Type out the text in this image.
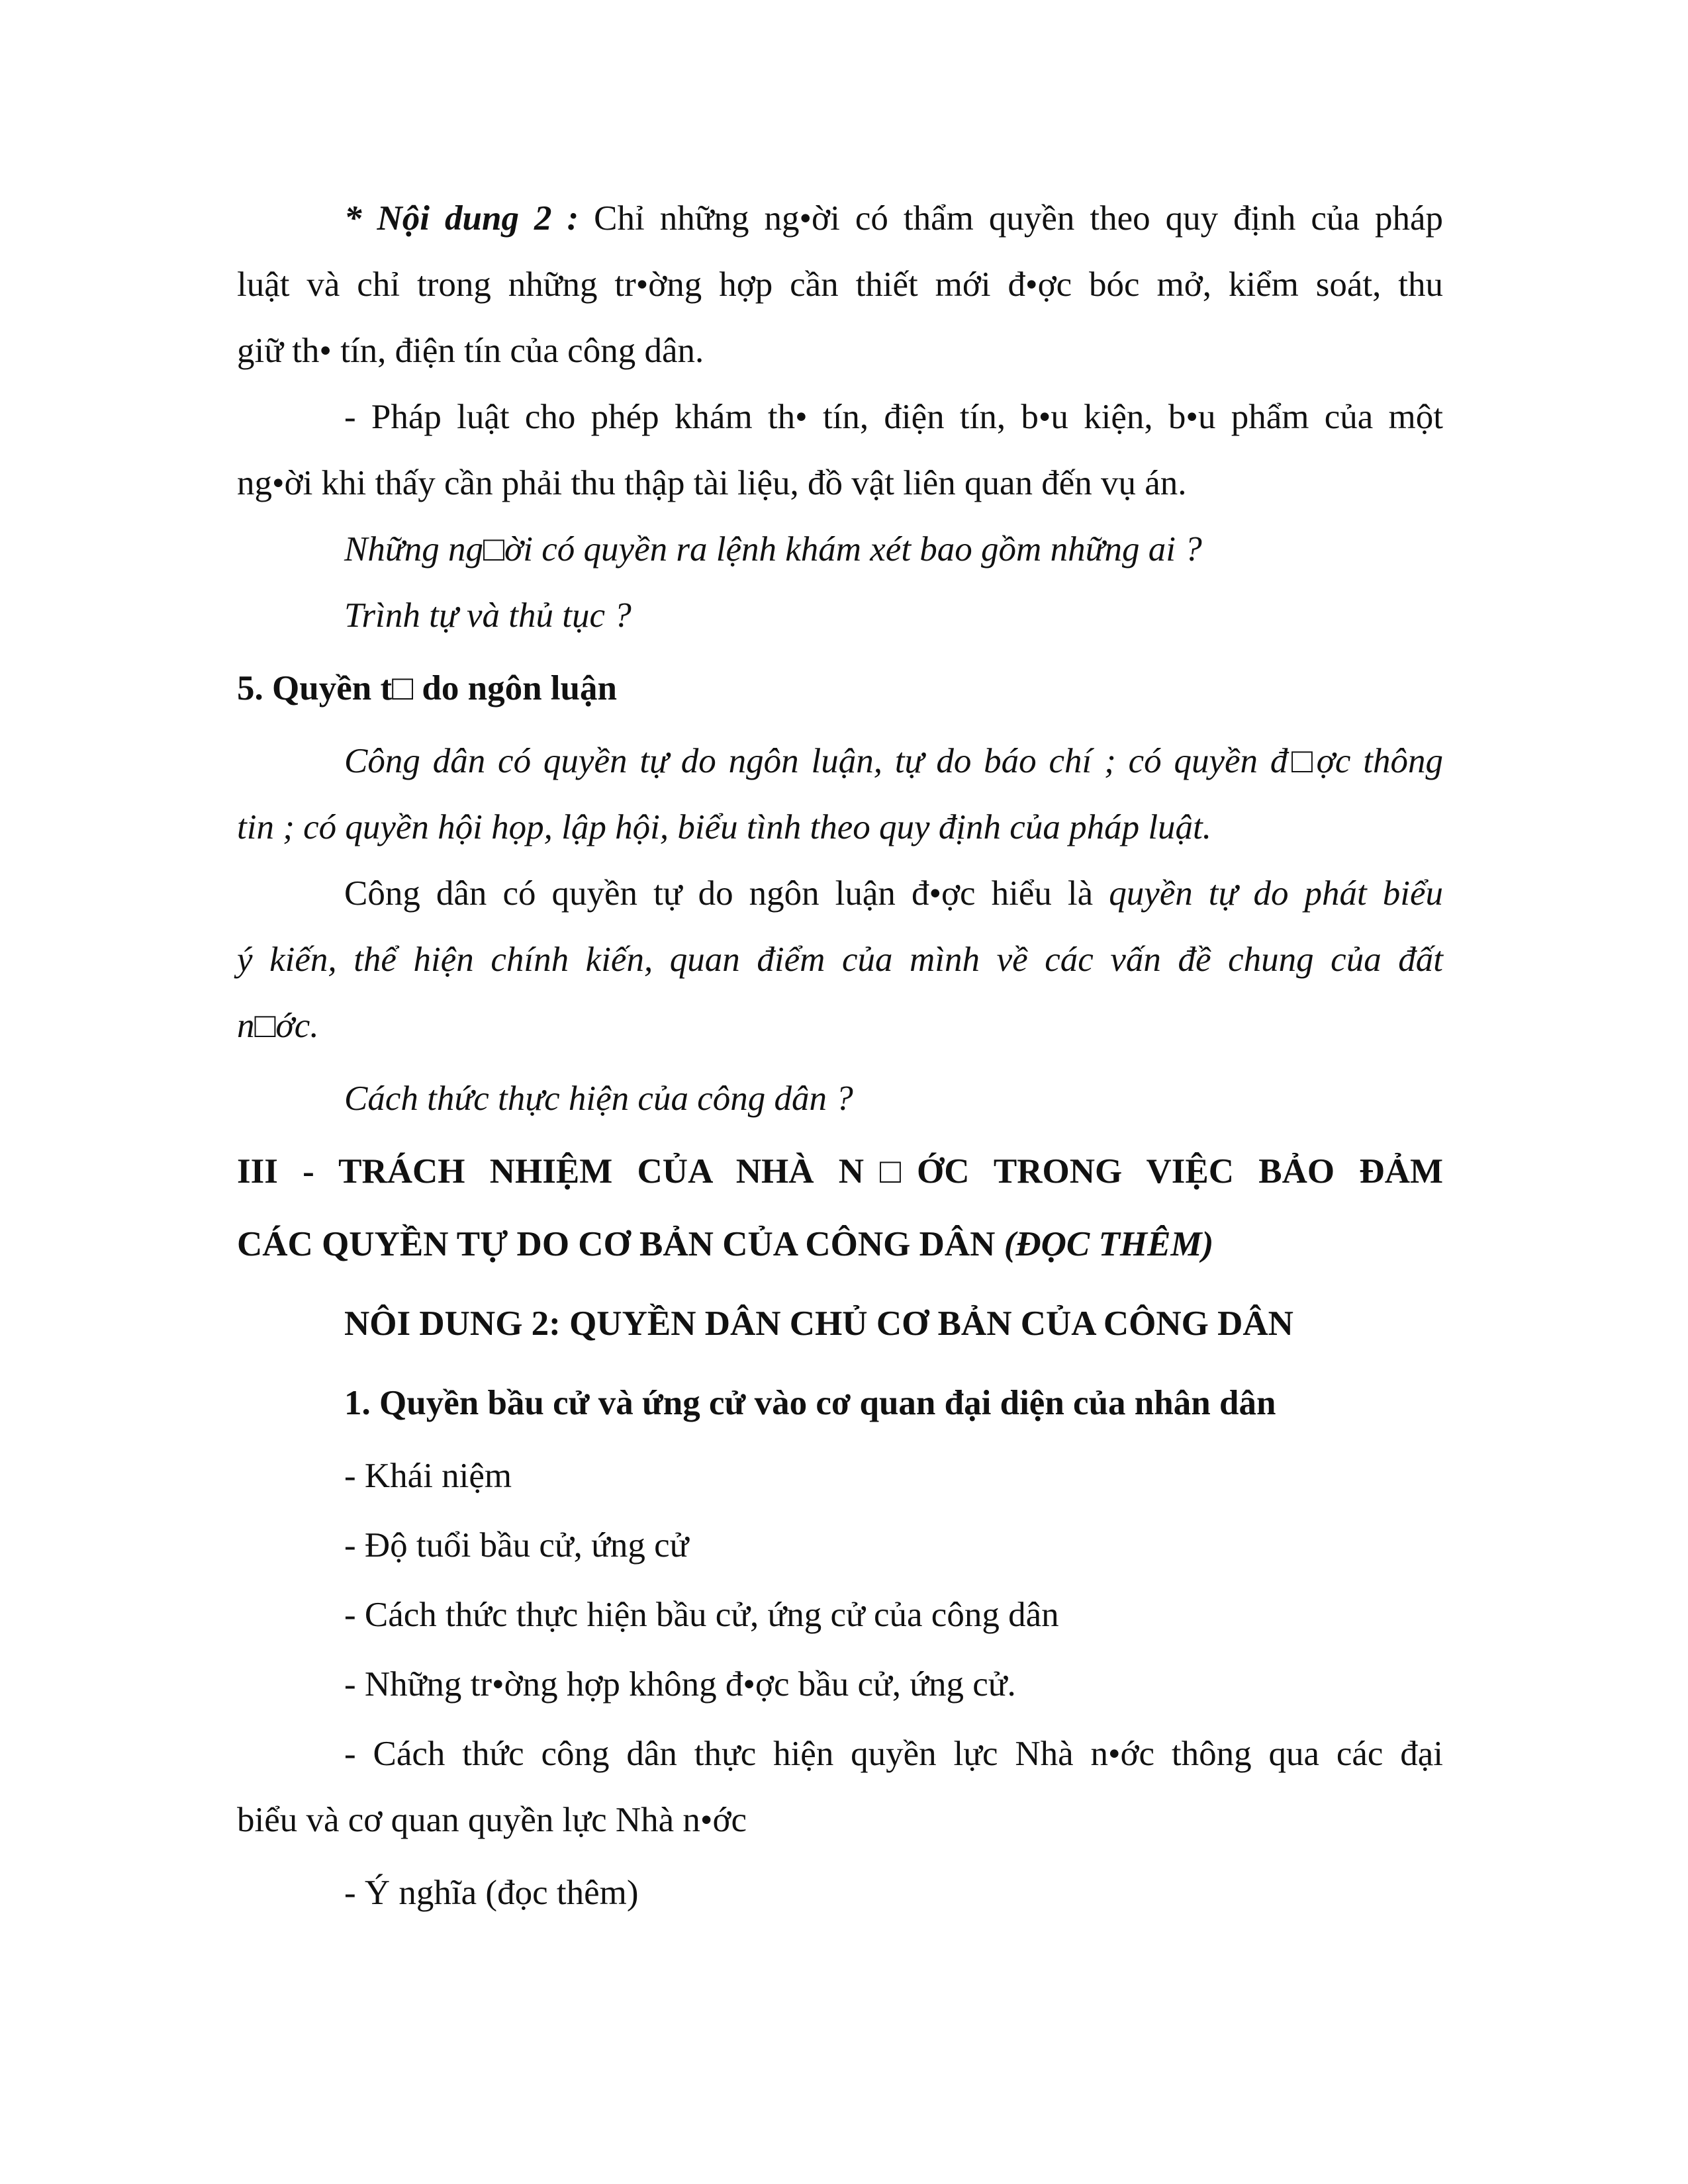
* Nội dung 2 : Chỉ những ng•ời có thẩm quyền theo quy định của pháp

luật và chỉ trong những tr•ờng hợp cần thiết mới đ•ợc bóc mở, kiểm soát, thu

giữ th• tín, điện tín của công dân.

- Pháp luật cho phép khám th• tín, điện tín, b•u kiện, b•u phẩm của một

ng•ời khi thấy cần phải thu thập tài liệu, đồ vật liên quan đến vụ án.

Những ng□ời có quyền ra lệnh khám xét bao gồm những ai ?

Trình tự và thủ tục ?

5. Quyền t□ do ngôn luận

Công dân có quyền tự do ngôn luận, tự do báo chí ; có quyền đ□ợc thông

tin ; có quyền hội họp, lập hội, biểu tình theo quy định của pháp luật.

Công dân có quyền tự do ngôn luận đ•ợc hiểu là quyền tự do phát biểu

ý kiến, thể hiện chính kiến, quan điểm của mình về các vấn đề chung của đất

n□ớc.

Cách thức thực hiện của công dân ?

III - TRÁCH NHIỆM CỦA NHÀ N□ỚC TRONG VIỆC BẢO ĐẢM

CÁC QUYỀN TỰ DO CƠ BẢN CỦA CÔNG DÂN (ĐỌC THÊM)

NÔI DUNG 2: QUYỀN DÂN CHỦ CƠ BẢN CỦA CÔNG DÂN

1. Quyền bầu cử và ứng cử vào cơ quan đại diện của nhân dân

- Khái niệm

- Độ tuổi bầu cử, ứng cử

- Cách thức thực hiện bầu cử, ứng cử của công dân

- Những tr•ờng hợp không đ•ợc bầu cử, ứng cử.

- Cách thức công dân thực hiện quyền lực Nhà n•ớc thông qua các đại

biểu và cơ quan quyền lực Nhà n•ớc

- Ý nghĩa (đọc thêm)
